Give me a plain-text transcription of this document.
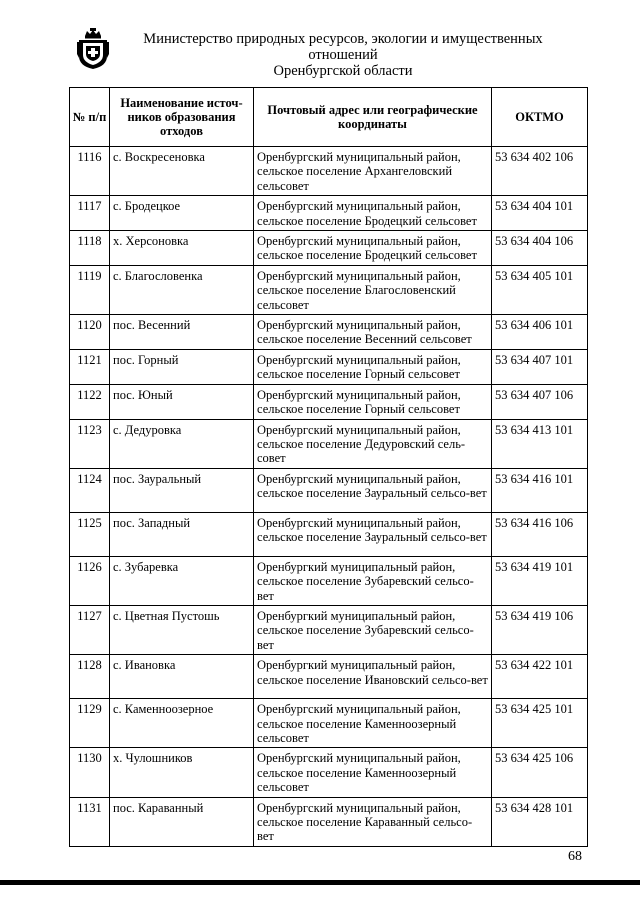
Министерство природных ресурсов, экологии и имущественных отношений
Оренбургской области
№ п/п	Наименование источ-ников образования отходов	Почтовый адрес или географические координаты	ОКТМО
1116	с. Воскресеновка	Оренбургский муниципальный район, сельское поселение Архангеловский сельсовет	53 634 402 106
1117	с. Бродецкое	Оренбургский муниципальный район, сельское поселение Бродецкий сельсовет	53 634 404 101
1118	х. Херсоновка	Оренбургский муниципальный район, сельское поселение Бродецкий сельсовет	53 634 404 106
1119	с. Благословенка	Оренбургский муниципальный район, сельское поселение Благословенский сельсовет	53 634 405 101
1120	пос. Весенний	Оренбургский муниципальный район, сельское поселение Весенний сельсовет	53 634 406 101
1121	пос. Горный	Оренбургский муниципальный район, сельское поселение Горный сельсовет	53 634 407 101
1122	пос. Юный	Оренбургский муниципальный район, сельское поселение Горный сельсовет	53 634 407 106
1123	с. Дедуровка	Оренбургский муниципальный район, сельское поселение Дедуровский сель-совет	53 634 413 101
1124	пос. Зауральный	Оренбургский муниципальный район, сельское поселение Зауральный сельсо-вет	53 634 416 101
1125	пос. Западный	Оренбургский муниципальный район, сельское поселение Зауральный сельсо-вет	53 634 416 106
1126	с. Зубаревка	Оренбургкий муниципальный район, сельское поселение Зубаревский сельсо-вет	53 634 419 101
1127	с. Цветная Пустошь	Оренбургкий муниципальный район, сельское поселение Зубаревский сельсо-вет	53 634 419 106
1128	с. Ивановка	Оренбургкий муниципальный район, сельское поселение Ивановский сельсо-вет	53 634 422 101
1129	с. Каменноозерное	Оренбургский муниципальный район, сельское поселение Каменноозерный сельсовет	53 634 425 101
1130	х. Чулошников	Оренбургский муниципальный район, сельское поселение Каменноозерный сельсовет	53 634 425 106
1131	пос. Караванный	Оренбургский муниципальный район, сельское поселение Караванный сельсо-вет	53 634 428 101
68
